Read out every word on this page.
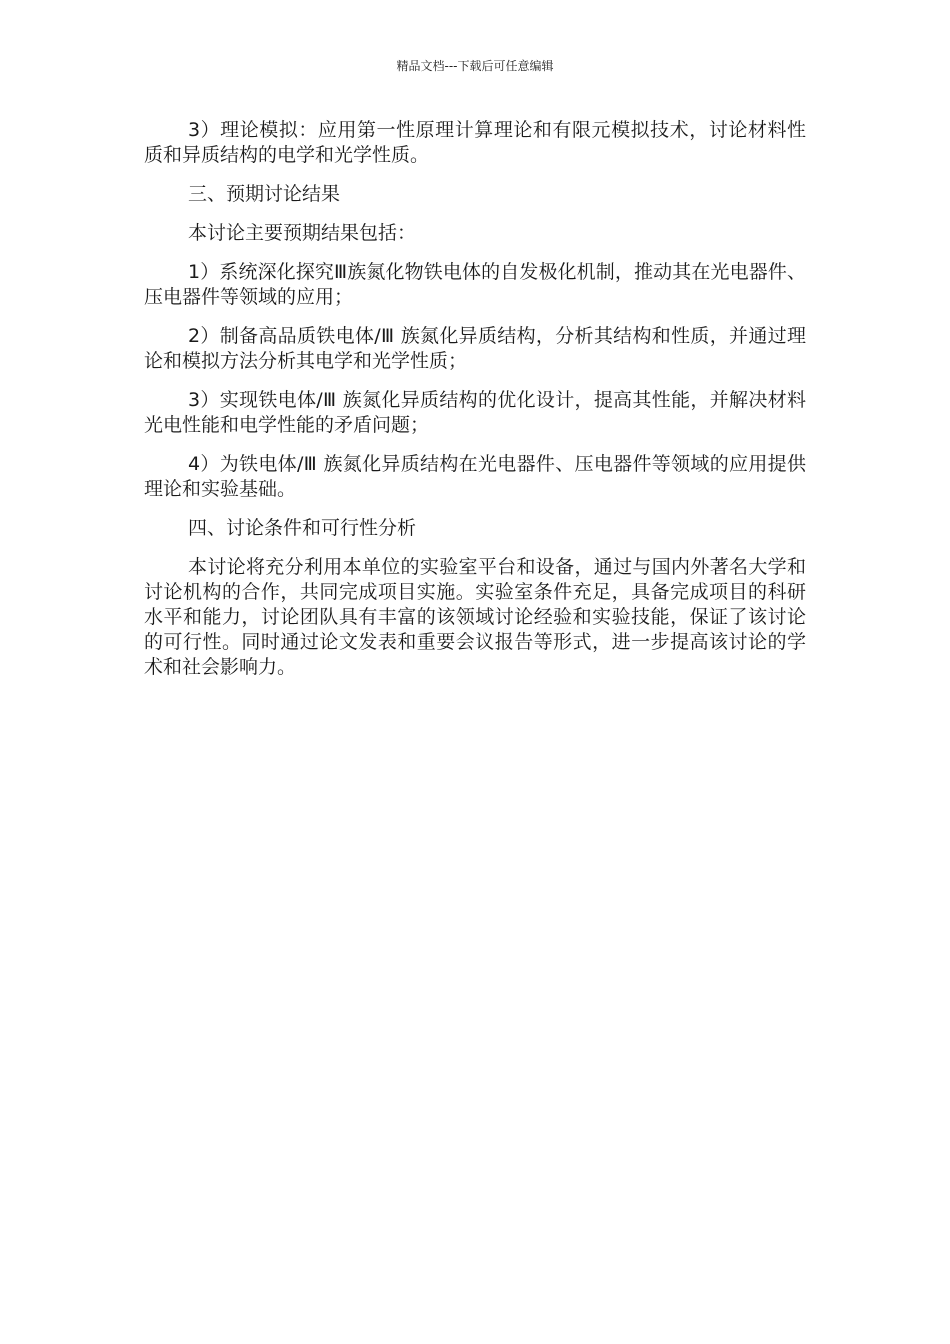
精品文档---下载后可任意编辑

3）理论模拟：应用第一性原理计算理论和有限元模拟技术，讨论材料性质和异质结构的电学和光学性质。

三、预期讨论结果

本讨论主要预期结果包括：

1）系统深化探究Ⅲ族氮化物铁电体的自发极化机制，推动其在光电器件、压电器件等领域的应用；

2）制备高品质铁电体/Ⅲ 族氮化异质结构，分析其结构和性质，并通过理论和模拟方法分析其电学和光学性质；

3）实现铁电体/Ⅲ 族氮化异质结构的优化设计，提高其性能，并解决材料光电性能和电学性能的矛盾问题；

4）为铁电体/Ⅲ 族氮化异质结构在光电器件、压电器件等领域的应用提供理论和实验基础。

四、讨论条件和可行性分析

本讨论将充分利用本单位的实验室平台和设备，通过与国内外著名大学和讨论机构的合作，共同完成项目实施。实验室条件充足，具备完成项目的科研水平和能力，讨论团队具有丰富的该领域讨论经验和实验技能，保证了该讨论的可行性。同时通过论文发表和重要会议报告等形式，进一步提高该讨论的学术和社会影响力。
